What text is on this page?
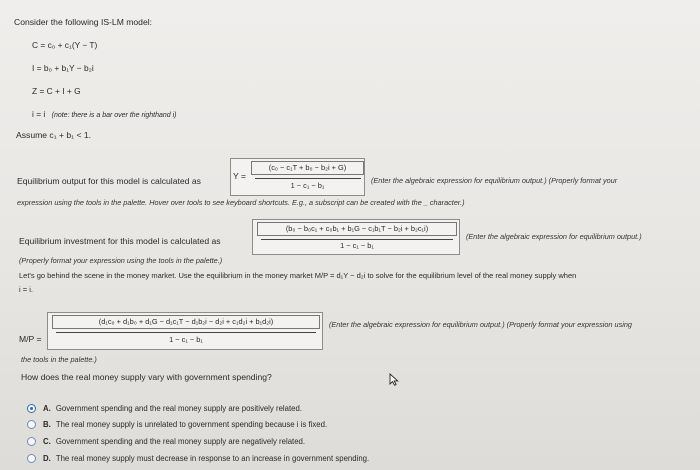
Consider the following IS-LM model:
C = c₀ + c₁(Y − T)
I = b₀ + b₁Y − b₂i
Z = C + I + G
i = i (note: there is a bar over the righthand i)
Assume c₁ + b₁ < 1.
Equilibrium output for this model is calculated as	Y =
(c₀ − c₁T + b₀ − b₂i + G)
1 − c₁ − b₁
(Enter the algebraic expression for equilibrium output.) (Properly format your
expression using the tools in the palette. Hover over tools to see keyboard shortcuts. E.g., a subscript can be created with the _ character.)
Equilibrium investment for this model is calculated as
(b₀ − b₀c₁ + c₀b₁ + b₁G − c₁b₁T − b₂i + b₂c₁i)
1 − c₁ − b₁
(Enter the algebraic expression for equilibrium output.)
(Properly format your expression using the tools in the palette.)
Let's go behind the scene in the money market. Use the equilibrium in the money market M/P = d₁Y − d₂i to solve for the equilibrium level of the real money supply when
i = i.
M/P =
(d₁c₀ + d₁b₀ + d₁G − d₁c₁T − d₁b₂i − d₂i + c₁d₂i + b₁d₂i)
1 − c₁ − b₁
(Enter the algebraic expression for equilibrium output.) (Properly format your expression using
the tools in the palette.)
How does the real money supply vary with government spending?
A. Government spending and the real money supply are positively related.
B. The real money supply is unrelated to government spending because i is fixed.
C. Government spending and the real money supply are negatively related.
D. The real money supply must decrease in response to an increase in government spending.
